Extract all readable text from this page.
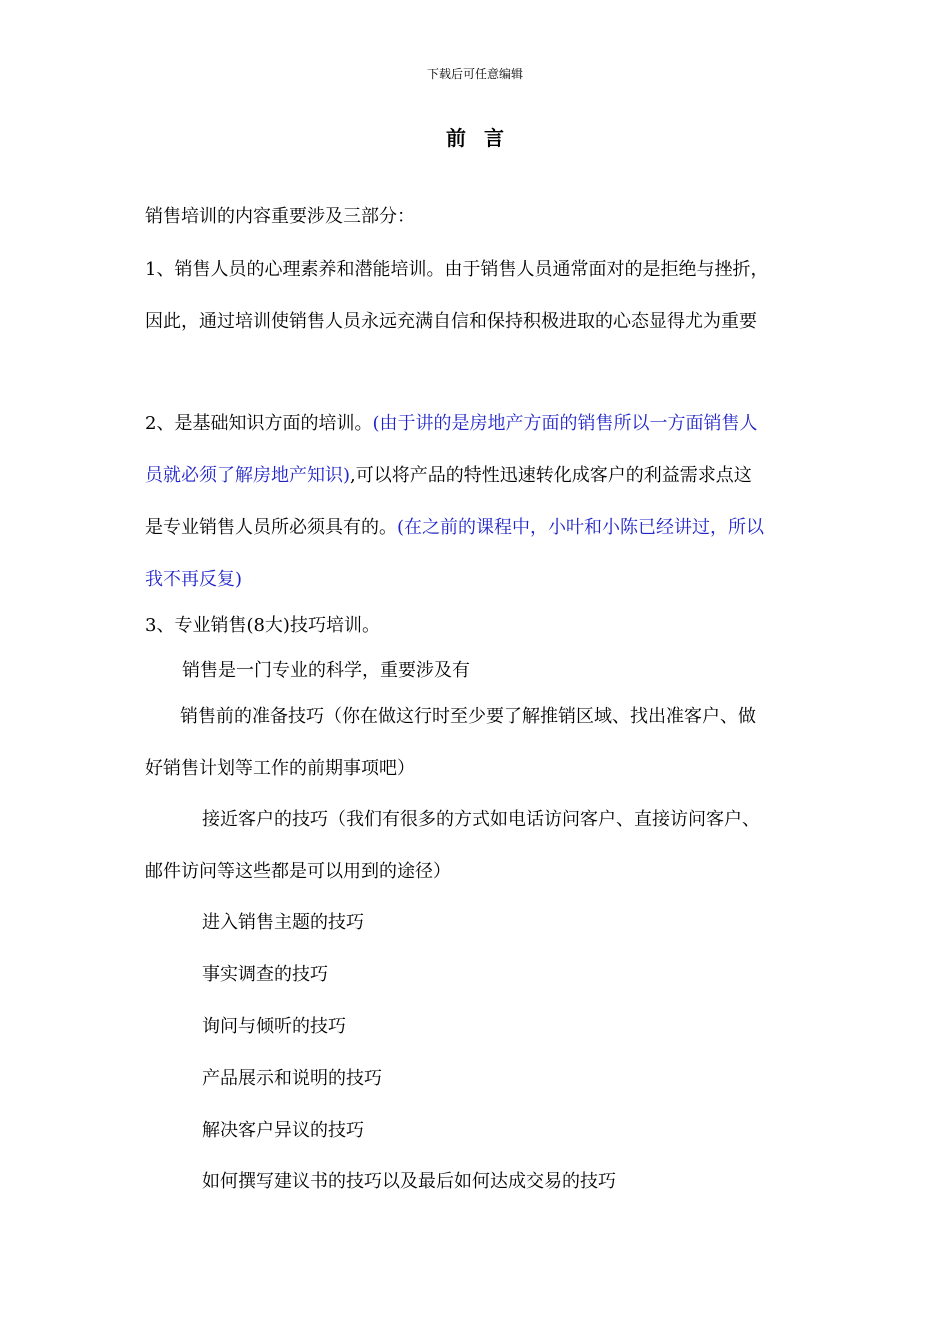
下载后可任意编辑
前言
销售培训的内容重要涉及三部分：
1、销售人员的心理素养和潜能培训。由于销售人员通常面对的是拒绝与挫折，
因此，通过培训使销售人员永远充满自信和保持积极进取的心态显得尤为重要
2、是基础知识方面的培训。(由于讲的是房地产方面的销售所以一方面销售人
员就必须了解房地产知识),可以将产品的特性迅速转化成客户的利益需求点这
是专业销售人员所必须具有的。(在之前的课程中，小叶和小陈已经讲过，所以
我不再反复)
3、专业销售(8大)技巧培训。
销售是一门专业的科学，重要涉及有
销售前的准备技巧（你在做这行时至少要了解推销区域、找出准客户、做
好销售计划等工作的前期事项吧）
接近客户的技巧（我们有很多的方式如电话访问客户、直接访问客户、
邮件访问等这些都是可以用到的途径）
进入销售主题的技巧
事实调查的技巧
询问与倾听的技巧
产品展示和说明的技巧
解决客户异议的技巧
如何撰写建议书的技巧以及最后如何达成交易的技巧
